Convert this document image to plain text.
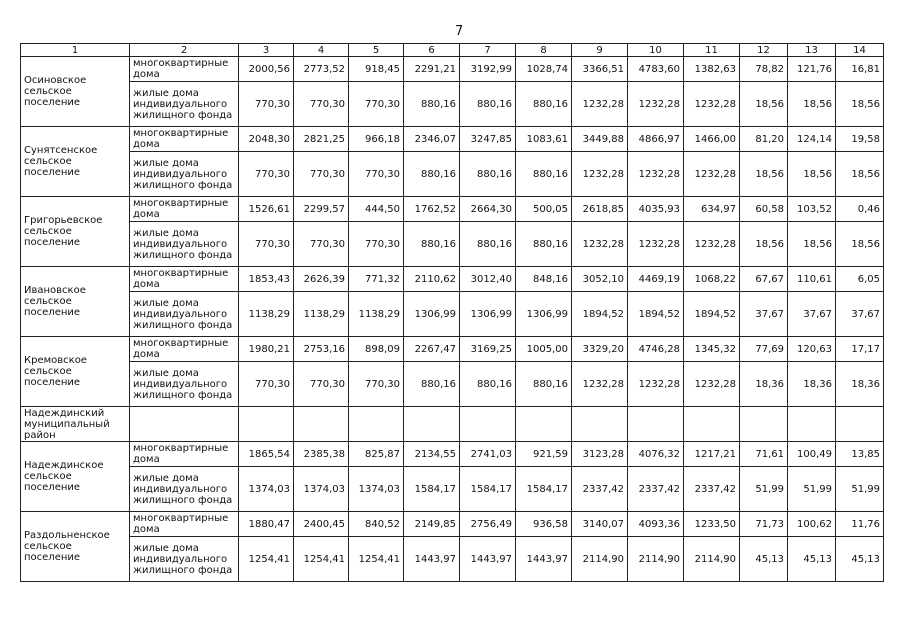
7
1	2	3	4	5	6	7	8	9	10	11	12	13	14
Осиновское сельское поселение	многоквартирные дома	2000,56	2773,52	918,45	2291,21	3192,99	1028,74	3366,51	4783,60	1382,63	78,82	121,76	16,81
	жилые дома индивидуального жилищного фонда	770,30	770,30	770,30	880,16	880,16	880,16	1232,28	1232,28	1232,28	18,56	18,56	18,56
Сунятсенское сельское поселение	многоквартирные дома	2048,30	2821,25	966,18	2346,07	3247,85	1083,61	3449,88	4866,97	1466,00	81,20	124,14	19,58
	жилые дома индивидуального жилищного фонда	770,30	770,30	770,30	880,16	880,16	880,16	1232,28	1232,28	1232,28	18,56	18,56	18,56
Григорьевское сельское поселение	многоквартирные дома	1526,61	2299,57	444,50	1762,52	2664,30	500,05	2618,85	4035,93	634,97	60,58	103,52	0,46
	жилые дома индивидуального жилищного фонда	770,30	770,30	770,30	880,16	880,16	880,16	1232,28	1232,28	1232,28	18,56	18,56	18,56
Ивановское сельское поселение	многоквартирные дома	1853,43	2626,39	771,32	2110,62	3012,40	848,16	3052,10	4469,19	1068,22	67,67	110,61	6,05
	жилые дома индивидуального жилищного фонда	1138,29	1138,29	1138,29	1306,99	1306,99	1306,99	1894,52	1894,52	1894,52	37,67	37,67	37,67
Кремовское сельское поселение	многоквартирные дома	1980,21	2753,16	898,09	2267,47	3169,25	1005,00	3329,20	4746,28	1345,32	77,69	120,63	17,17
	жилые дома индивидуального жилищного фонда	770,30	770,30	770,30	880,16	880,16	880,16	1232,28	1232,28	1232,28	18,36	18,36	18,36
Надеждинский муниципальный район													
Надеждинское сельское поселение	многоквартирные дома	1865,54	2385,38	825,87	2134,55	2741,03	921,59	3123,28	4076,32	1217,21	71,61	100,49	13,85
	жилые дома индивидуального жилищного фонда	1374,03	1374,03	1374,03	1584,17	1584,17	1584,17	2337,42	2337,42	2337,42	51,99	51,99	51,99
Раздольненское сельское поселение	многоквартирные дома	1880,47	2400,45	840,52	2149,85	2756,49	936,58	3140,07	4093,36	1233,50	71,73	100,62	11,76
	жилые дома индивидуального жилищного фонда	1254,41	1254,41	1254,41	1443,97	1443,97	1443,97	2114,90	2114,90	2114,90	45,13	45,13	45,13
